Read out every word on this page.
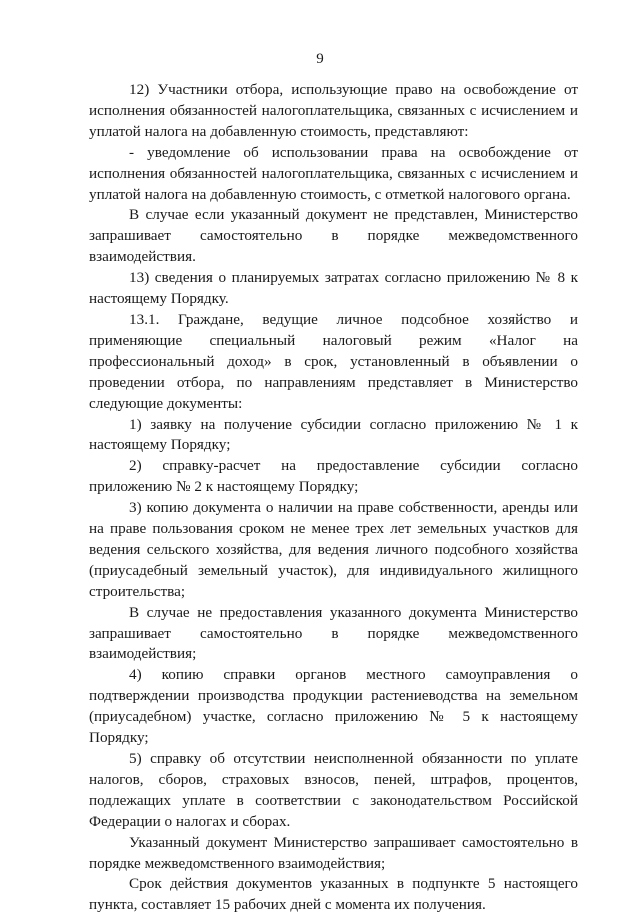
9

12) Участники отбора, использующие право на освобождение от исполнения обязанностей налогоплательщика, связанных с исчислением и уплатой налога на добавленную стоимость, представляют:

- уведомление об использовании права на освобождение от исполнения обязанностей налогоплательщика, связанных с исчислением и уплатой налога на добавленную стоимость, с отметкой налогового органа.

В случае если указанный документ не представлен, Министерство запрашивает самостоятельно в порядке межведомственного взаимодействия.

13) сведения о планируемых затратах согласно приложению № 8 к настоящему Порядку.

13.1. Граждане, ведущие личное подсобное хозяйство и применяющие специальный налоговый режим «Налог на профессиональный доход» в срок, установленный в объявлении о проведении отбора, по направлениям представляет в Министерство следующие документы:

1) заявку на получение субсидии согласно приложению № 1 к настоящему Порядку;

2) справку-расчет на предоставление субсидии согласно приложению № 2 к настоящему Порядку;

3) копию документа о наличии на праве собственности, аренды или на праве пользования сроком не менее трех лет земельных участков для ведения сельского хозяйства, для ведения личного подсобного хозяйства (приусадебный земельный участок), для индивидуального жилищного строительства;

В случае не предоставления указанного документа Министерство запрашивает самостоятельно в порядке межведомственного взаимодействия;

4) копию справки органов местного самоуправления о подтверждении производства продукции растениеводства на земельном (приусадебном) участке, согласно приложению № 5 к настоящему Порядку;

5) справку об отсутствии неисполненной обязанности по уплате налогов, сборов, страховых взносов, пеней, штрафов, процентов, подлежащих уплате в соответствии с законодательством Российской Федерации о налогах и сборах.

Указанный документ Министерство запрашивает самостоятельно в порядке межведомственного взаимодействия;

Срок действия документов указанных в подпункте 5 настоящего пункта, составляет 15 рабочих дней с момента их получения.
